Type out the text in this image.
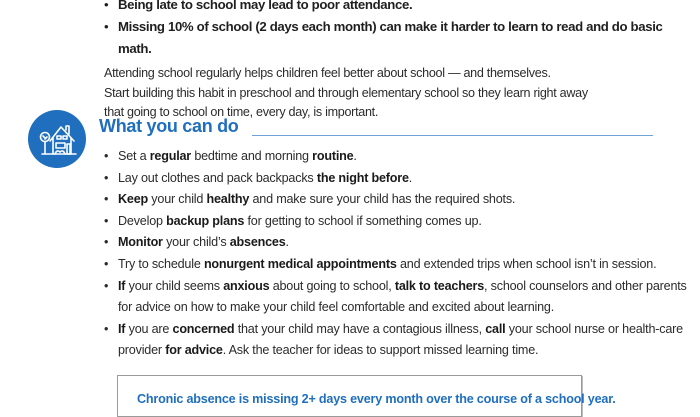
• Being late to school may lead to poor attendance.
• Missing 10% of school (2 days each month) can make it harder to learn to read and do basic math.
Attending school regularly helps children feel better about school — and themselves.
Start building this habit in preschool and through elementary school so they learn right away
that going to school on time, every day, is important.
What you can do
• Set a regular bedtime and morning routine.
• Lay out clothes and pack backpacks the night before.
• Keep your child healthy and make sure your child has the required shots.
• Develop backup plans for getting to school if something comes up.
• Monitor your child’s absences.
• Try to schedule nonurgent medical appointments and extended trips when school isn’t in session.
• If your child seems anxious about going to school, talk to teachers, school counselors and other parents for advice on how to make your child feel comfortable and excited about learning.
• If you are concerned that your child may have a contagious illness, call your school nurse or health-care provider for advice. Ask the teacher for ideas to support missed learning time.
Chronic absence is missing 2+ days every month over the course of a school year.
